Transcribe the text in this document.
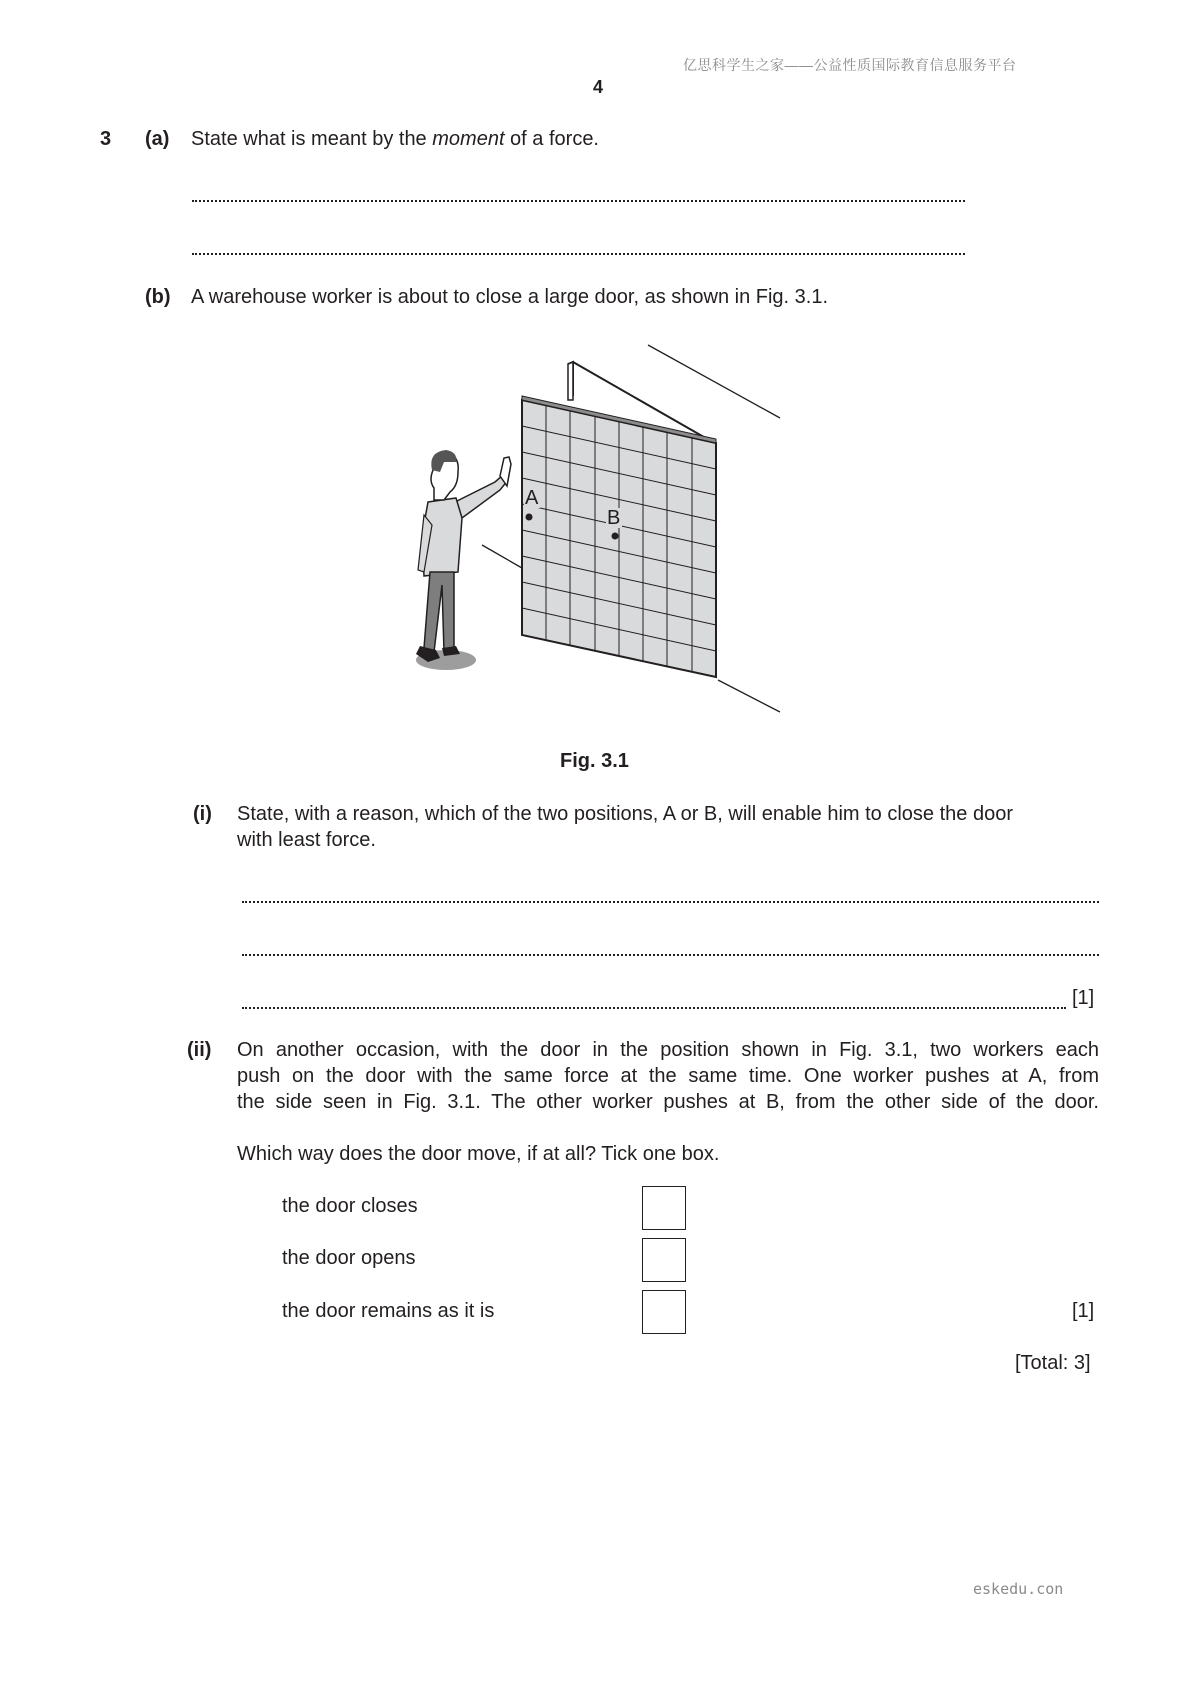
亿思科学生之家——公益性质国际教育信息服务平台
4
3 (a) State what is meant by the moment of a force.
(b) A warehouse worker is about to close a large door, as shown in Fig. 3.1.
A
B
Fig. 3.1
(i) State, with a reason, which of the two positions, A or B, will enable him to close the door
with least force.
[1]
(ii) On another occasion, with the door in the position shown in Fig. 3.1, two workers each
push on the door with the same force at the same time. One worker pushes at A, from
the side seen in Fig. 3.1. The other worker pushes at B, from the other side of the door.
Which way does the door move, if at all? Tick one box.
the door closes
the door opens
the door remains as it is	[1]
[Total: 3]
eskedu.con
